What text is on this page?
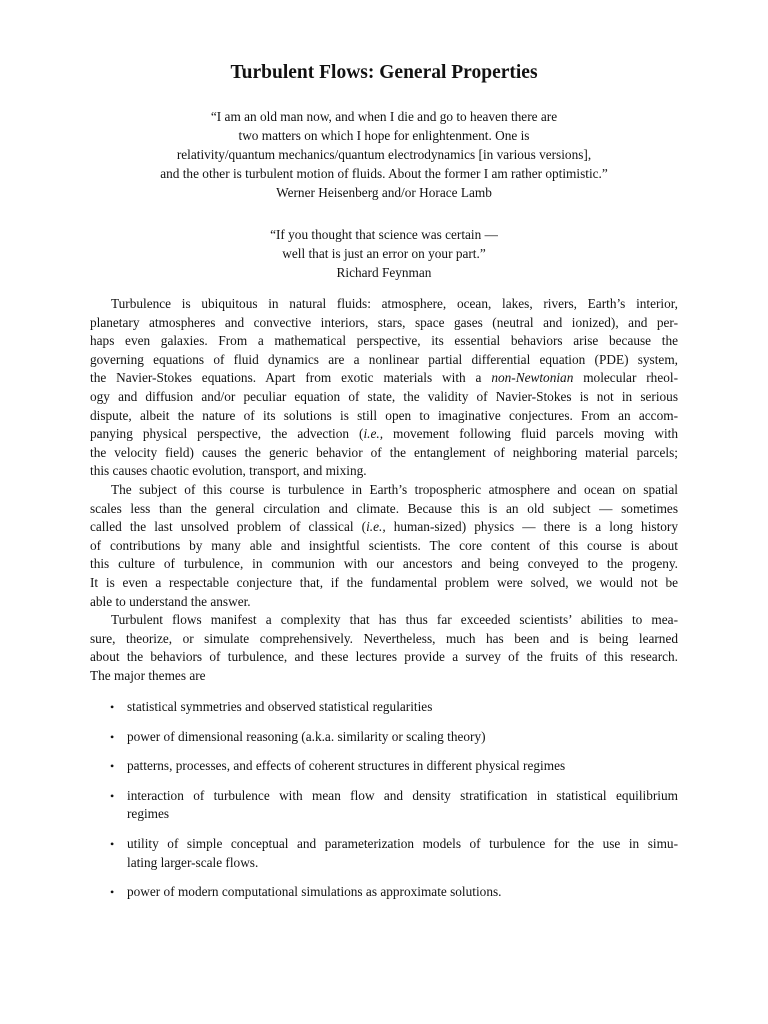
Turbulent Flows: General Properties
“I am an old man now, and when I die and go to heaven there are
two matters on which I hope for enlightenment. One is
relativity/quantum mechanics/quantum electrodynamics [in various versions],
and the other is turbulent motion of fluids. About the former I am rather optimistic.”
Werner Heisenberg and/or Horace Lamb
“If you thought that science was certain —
well that is just an error on your part.”
Richard Feynman

Turbulence is ubiquitous in natural fluids: atmosphere, ocean, lakes, rivers, Earth’s interior,
planetary atmospheres and convective interiors, stars, space gases (neutral and ionized), and per-
haps even galaxies. From a mathematical perspective, its essential behaviors arise because the
governing equations of fluid dynamics are a nonlinear partial differential equation (PDE) system,
the Navier-Stokes equations. Apart from exotic materials with a non-Newtonian molecular rheol-
ogy and diffusion and/or peculiar equation of state, the validity of Navier-Stokes is not in serious
dispute, albeit the nature of its solutions is still open to imaginative conjectures. From an accom-
panying physical perspective, the advection (i.e., movement following fluid parcels moving with
the velocity field) causes the generic behavior of the entanglement of neighboring material parcels;
this causes chaotic evolution, transport, and mixing.

The subject of this course is turbulence in Earth’s tropospheric atmosphere and ocean on spatial
scales less than the general circulation and climate. Because this is an old subject — sometimes
called the last unsolved problem of classical (i.e., human-sized) physics — there is a long history
of contributions by many able and insightful scientists. The core content of this course is about
this culture of turbulence, in communion with our ancestors and being conveyed to the progeny.
It is even a respectable conjecture that, if the fundamental problem were solved, we would not be
able to understand the answer.

Turbulent flows manifest a complexity that has thus far exceeded scientists’ abilities to mea-
sure, theorize, or simulate comprehensively. Nevertheless, much has been and is being learned
about the behaviors of turbulence, and these lectures provide a survey of the fruits of this research.
The major themes are

• statistical symmetries and observed statistical regularities
• power of dimensional reasoning (a.k.a. similarity or scaling theory)
• patterns, processes, and effects of coherent structures in different physical regimes
• interaction of turbulence with mean flow and density stratification in statistical equilibrium
regimes
• utility of simple conceptual and parameterization models of turbulence for the use in simu-
lating larger-scale flows.
• power of modern computational simulations as approximate solutions.
